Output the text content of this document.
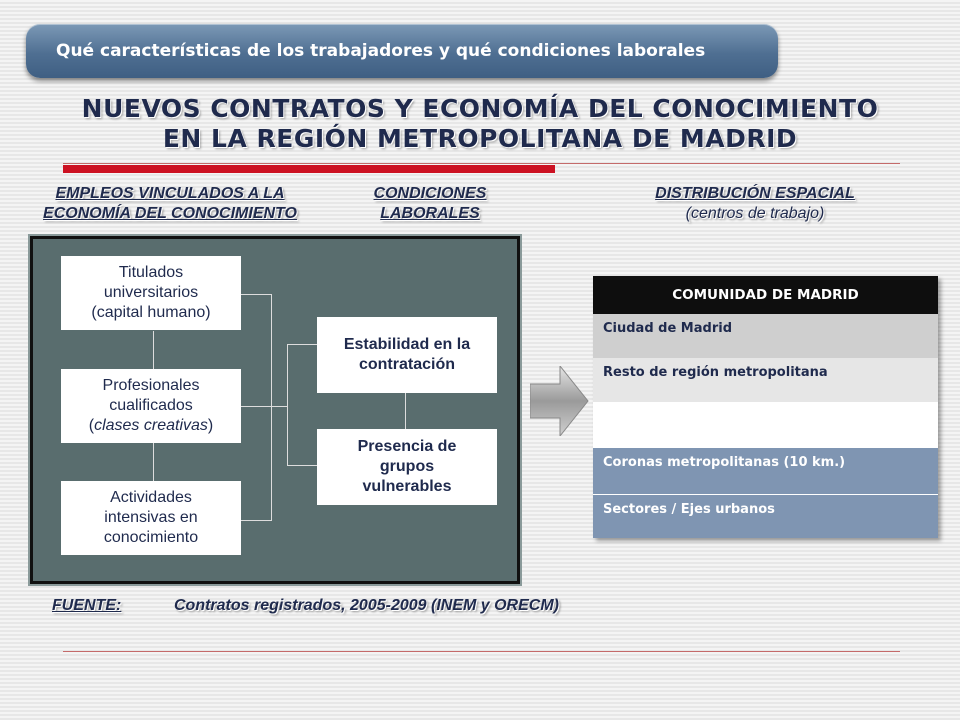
Qué características de los trabajadores y qué condiciones laborales
NUEVOS CONTRATOS Y ECONOMÍA DEL CONOCIMIENTO
EN LA REGIÓN METROPOLITANA DE MADRID
EMPLEOS VINCULADOS A LA
ECONOMÍA DEL CONOCIMIENTO
CONDICIONES
LABORALES
DISTRIBUCIÓN ESPACIAL
(centros de trabajo)
Titulados
universitarios
(capital humano)
Profesionales
cualificados
(clases creativas)
Actividades
intensivas en
conocimiento
Estabilidad en la
contratación
Presencia de
grupos
vulnerables
COMUNIDAD DE MADRID
Ciudad de Madrid
Resto de región metropolitana
Coronas metropolitanas (10 km.)
Sectores / Ejes urbanos
FUENTE:	Contratos registrados, 2005-2009 (INEM y ORECM)
